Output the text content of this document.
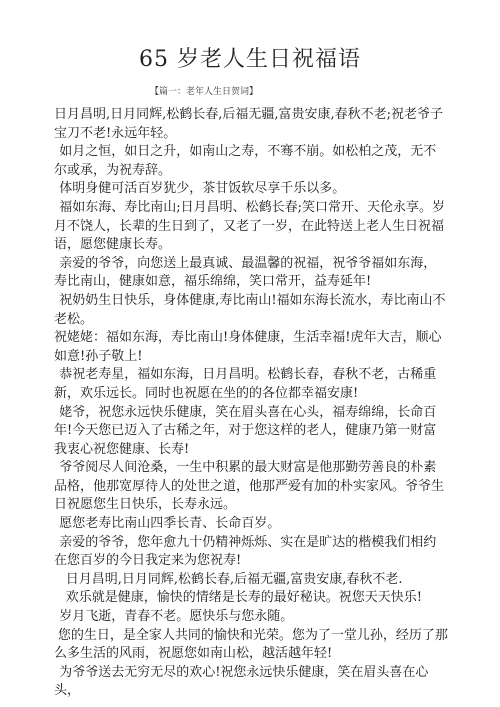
65 岁老人生日祝福语
【篇一：老年人生日贺词】

日月昌明,日月同辉,松鹤长春,后福无疆,富贵安康,春秋不老;祝老爷子宝刀不老!永远年轻。

如月之恒，如日之升，如南山之寿，不骞不崩。如松柏之茂，无不尔或承，为祝寿辞。

体明身健可活百岁犹少，茶甘饭软尽享千乐以多。

福如东海、寿比南山;日月昌明、松鹤长春;笑口常开、天伦永享。岁月不饶人，长辈的生日到了，又老了一岁，在此特送上老人生日祝福语，愿您健康长寿。

亲爱的爷爷，向您送上最真诚、最温馨的祝福，祝爷爷福如东海，寿比南山，健康如意，福乐绵绵，笑口常开，益寿延年!

祝奶奶生日快乐，身体健康,寿比南山!福如东海长流水，寿比南山不老松。

祝姥姥：福如东海，寿比南山!身体健康，生活幸福!虎年大吉，顺心如意!孙子敬上!

恭祝老寿星，福如东海，日月昌明。松鹤长春，春秋不老，古稀重新，欢乐远长。同时也祝愿在坐的的各位都幸福安康!

姥爷，祝您永远快乐健康，笑在眉头喜在心头，福寿绵绵，长命百年!今天您已迈入了古稀之年，对于您这样的老人，健康乃第一财富我衷心祝您健康、长寿!

爷爷阅尽人间沧桑，一生中积累的最大财富是他那勤劳善良的朴素品格，他那宽厚待人的处世之道，他那严爱有加的朴实家风。爷爷生日祝愿您生日快乐，长寿永远。

愿您老寿比南山四季长青、长命百岁。

亲爱的爷爷，您年愈九十仍精神烁烁、实在是旷达的楷模我们相约在您百岁的今日我定来为您祝寿!

日月昌明,日月同辉,松鹤长春,后福无疆,富贵安康,春秋不老.

欢乐就是健康，愉快的情绪是长寿的最好秘诀。祝您天天快乐!

岁月飞逝，青春不老。愿快乐与您永随。

您的生日，是全家人共同的愉快和光荣。您为了一堂儿孙，经历了那么多生活的风雨，祝愿您如南山松，越活越年轻!

为爷爷送去无穷无尽的欢心!祝您永远快乐健康，笑在眉头喜在心头，
